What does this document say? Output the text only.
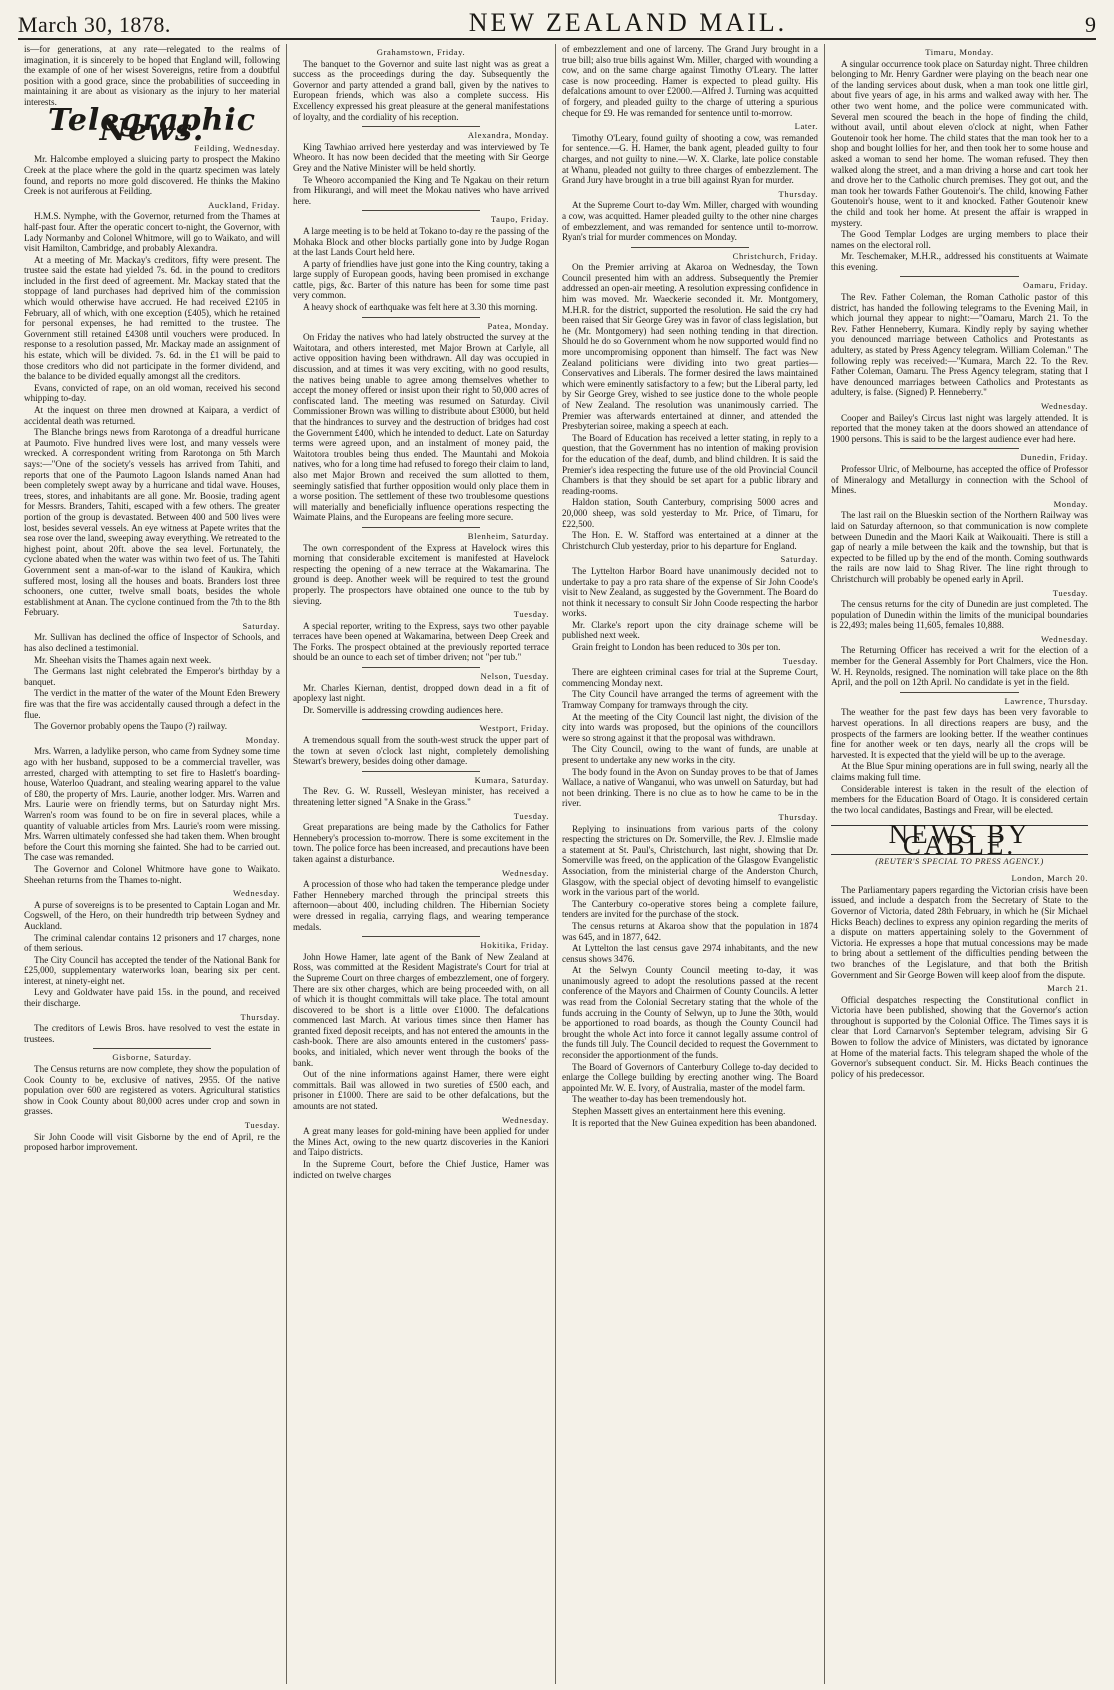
March 30, 1878.	NEW ZEALAND MAIL.	9

is—for generations, at any rate—relegated to the realms of imagination, it is sincerely to be hoped that England will, following the example of one of her wisest Sovereigns, retire from a doubtful position with a good grace, since the probabilities of succeeding in maintaining it are about as visionary as the injury to her material interests.

Telegraphic News.
Feilding, Wednesday.

Mr. Halcombe employed a sluicing party to prospect the Makino Creek at the place where the gold in the quartz specimen was lately found, and reports no more gold discovered. He thinks the Makino Creek is not auriferous at Feilding.

Auckland, Friday.

H.M.S. Nymphe, with the Governor, returned from the Thames at half-past four. After the operatic concert to-night, the Governor, with Lady Normanby and Colonel Whitmore, will go to Waikato, and will visit Hamilton, Cambridge, and probably Alexandra.

At a meeting of Mr. Mackay's creditors, fifty were present. The trustee said the estate had yielded 7s. 6d. in the pound to creditors included in the first deed of agreement. Mr. Mackay stated that the stoppage of land purchases had deprived him of the commission which would otherwise have accrued. He had received £2105 in February, all of which, with one exception (£405), which he retained for personal expenses, he had remitted to the trustee. The Government still retained £4308 until vouchers were produced. In response to a resolution passed, Mr. Mackay made an assignment of his estate, which will be divided. 7s. 6d. in the £1 will be paid to those creditors who did not participate in the former dividend, and the balance to be divided equally amongst all the creditors.

Evans, convicted of rape, on an old woman, received his second whipping to-day.

At the inquest on three men drowned at Kaipara, a verdict of accidental death was returned.

The Blanche brings news from Rarotonga of a dreadful hurricane at Paumoto. Five hundred lives were lost, and many vessels were wrecked. A correspondent writing from Rarotonga on 5th March says:—"One of the society's vessels has arrived from Tahiti, and reports that one of the Paumoto Lagoon Islands named Anan had been completely swept away by a hurricane and tidal wave. Houses, trees, stores, and inhabitants are all gone. Mr. Boosie, trading agent for Messrs. Branders, Tahiti, escaped with a few others. The greater portion of the group is devastated. Between 400 and 500 lives were lost, besides several vessels. An eye witness at Papete writes that the sea rose over the land, sweeping away everything. We retreated to the highest point, about 20ft. above the sea level. Fortunately, the cyclone abated when the water was within two feet of us. The Tahiti Government sent a man-of-war to the island of Kaukira, which suffered most, losing all the houses and boats. Branders lost three schooners, one cutter, twelve small boats, besides the whole establishment at Anan. The cyclone continued from the 7th to the 8th February.

Saturday.

Mr. Sullivan has declined the office of Inspector of Schools, and has also declined a testimonial.

Mr. Sheehan visits the Thames again next week.

The Germans last night celebrated the Emperor's birthday by a banquet.

The verdict in the matter of the water of the Mount Eden Brewery fire was that the fire was accidentally caused through a defect in the flue.

The Governor probably opens the Taupo (?) railway.

Monday.

Mrs. Warren, a ladylike person, who came from Sydney some time ago with her husband, supposed to be a commercial traveller, was arrested, charged with attempting to set fire to Haslett's boarding-house, Waterloo Quadrant, and stealing wearing apparel to the value of £80, the property of Mrs. Laurie, another lodger. Mrs. Warren and Mrs. Laurie were on friendly terms, but on Saturday night Mrs. Warren's room was found to be on fire in several places, while a quantity of valuable articles from Mrs. Laurie's room were missing. Mrs. Warren ultimately confessed she had taken them. When brought before the Court this morning she fainted. She had to be carried out. The case was remanded.

The Governor and Colonel Whitmore have gone to Waikato. Sheehan returns from the Thames to-night.

Wednesday.

A purse of sovereigns is to be presented to Captain Logan and Mr. Cogswell, of the Hero, on their hundredth trip between Sydney and Auckland.

The criminal calendar contains 12 prisoners and 17 charges, none of them serious.

The City Council has accepted the tender of the National Bank for £25,000, supplementary waterworks loan, bearing six per cent. interest, at ninety-eight net.

Levy and Goldwater have paid 15s. in the pound, and received their discharge.

Thursday.

The creditors of Lewis Bros. have resolved to vest the estate in trustees.

Gisborne, Saturday.

The Census returns are now complete, they show the population of Cook County to be, exclusive of natives, 2955. Of the native population over 600 are registered as voters. Agricultural statistics show in Cook County about 80,000 acres under crop and sown in grasses.

Tuesday.

Sir John Coode will visit Gisborne by the end of April, re the proposed harbor improvement.

Grahamstown, Friday.

The banquet to the Governor and suite last night was as great a success as the proceedings during the day. Subsequently the Governor and party attended a grand ball, given by the natives to European friends, which was also a complete success. His Excellency expressed his great pleasure at the general manifestations of loyalty, and the cordiality of his reception.

Alexandra, Monday.

King Tawhiao arrived here yesterday and was interviewed by Te Wheoro. It has now been decided that the meeting with Sir George Grey and the Native Minister will be held shortly.

Te Wheoro accompanied the King and Te Ngakau on their return from Hikurangi, and will meet the Mokau natives who have arrived here.

Taupo, Friday.

A large meeting is to be held at Tokano to-day re the passing of the Mohaka Block and other blocks partially gone into by Judge Rogan at the last Lands Court held here.

A party of friendlies have just gone into the King country, taking a large supply of European goods, having been promised in exchange cattle, pigs, &c. Barter of this nature has been for some time past very common.

A heavy shock of earthquake was felt here at 3.30 this morning.

Patea, Monday.

On Friday the natives who had lately obstructed the survey at the Waitotara, and others interested, met Major Brown at Carlyle, all active opposition having been withdrawn. All day was occupied in discussion, and at times it was very exciting, with no good results, the natives being unable to agree among themselves whether to accept the money offered or insist upon their right to 50,000 acres of confiscated land. The meeting was resumed on Saturday. Civil Commissioner Brown was willing to distribute about £3000, but held that the hindrances to survey and the destruction of bridges had cost the Government £400, which he intended to deduct. Late on Saturday terms were agreed upon, and an instalment of money paid, the Waitotora troubles being thus ended. The Mauntahi and Mokoia natives, who for a long time had refused to forego their claim to land, also met Major Brown and received the sum allotted to them, seemingly satisfied that further opposition would only place them in a worse position. The settlement of these two troublesome questions will materially and beneficially influence operations respecting the Waimate Plains, and the Europeans are feeling more secure.

Blenheim, Saturday.

The own correspondent of the Express at Havelock wires this morning that considerable excitement is manifested at Havelock respecting the opening of a new terrace at the Wakamarina. The ground is deep. Another week will be required to test the ground properly. The prospectors have obtained one ounce to the tub by sieving.

Tuesday.

A special reporter, writing to the Express, says two other payable terraces have been opened at Wakamarina, between Deep Creek and The Forks. The prospect obtained at the previously reported terrace should be an ounce to each set of timber driven; not "per tub."

Nelson, Tuesday.

Mr. Charles Kiernan, dentist, dropped down dead in a fit of apoplexy last night.

Dr. Somerville is addressing crowding audiences here.

Westport, Friday.

A tremendous squall from the south-west struck the upper part of the town at seven o'clock last night, completely demolishing Stewart's brewery, besides doing other damage.

Kumara, Saturday.

The Rev. G. W. Russell, Wesleyan minister, has received a threatening letter signed "A Snake in the Grass."

Tuesday.

Great preparations are being made by the Catholics for Father Hennebery's procession to-morrow. There is some excitement in the town. The police force has been increased, and precautions have been taken against a disturbance.

Wednesday.

A procession of those who had taken the temperance pledge under Father Hennebery marched through the principal streets this afternoon—about 400, including children. The Hibernian Society were dressed in regalia, carrying flags, and wearing temperance medals.

Hokitika, Friday.

John Howe Hamer, late agent of the Bank of New Zealand at Ross, was committed at the Resident Magistrate's Court for trial at the Supreme Court on three charges of embezzlement, one of forgery. There are six other charges, which are being proceeded with, on all of which it is thought committals will take place. The total amount discovered to be short is a little over £1000. The defalcations commenced last March. At various times since then Hamer has granted fixed deposit receipts, and has not entered the amounts in the cash-book. There are also amounts entered in the customers' pass-books, and initialed, which never went through the books of the bank.

Out of the nine informations against Hamer, there were eight committals. Bail was allowed in two sureties of £500 each, and prisoner in £1000. There are said to be other defalcations, but the amounts are not stated.

Wednesday.

A great many leases for gold-mining have been applied for under the Mines Act, owing to the new quartz discoveries in the Kaniori and Taipo districts.

In the Supreme Court, before the Chief Justice, Hamer was indicted on twelve charges

of embezzlement and one of larceny. The Grand Jury brought in a true bill; also true bills against Wm. Miller, charged with wounding a cow, and on the same charge against Timothy O'Leary. The latter case is now proceeding. Hamer is expected to plead guilty. His defalcations amount to over £2000.—Alfred J. Turning was acquitted of forgery, and pleaded guilty to the charge of uttering a spurious cheque for £9. He was remanded for sentence until to-morrow.

Later.

Timothy O'Leary, found guilty of shooting a cow, was remanded for sentence.—G. H. Hamer, the bank agent, pleaded guilty to four charges, and not guilty to nine.—W. X. Clarke, late police constable at Whanu, pleaded not guilty to three charges of embezzlement. The Grand Jury have brought in a true bill against Ryan for murder.

Thursday.

At the Supreme Court to-day Wm. Miller, charged with wounding a cow, was acquitted. Hamer pleaded guilty to the other nine charges of embezzlement, and was remanded for sentence until to-morrow. Ryan's trial for murder commences on Monday.

Christchurch, Friday.

On the Premier arriving at Akaroa on Wednesday, the Town Council presented him with an address. Subsequently the Premier addressed an open-air meeting. A resolution expressing confidence in him was moved. Mr. Waeckerie seconded it. Mr. Montgomery, M.H.R. for the district, supported the resolution. He said the cry had been raised that Sir George Grey was in favor of class legislation, but he (Mr. Montgomery) had seen nothing tending in that direction. Should he do so Government whom he now supported would find no more uncompromising opponent than himself. The fact was New Zealand politicians were dividing into two great parties—Conservatives and Liberals. The former desired the laws maintained which were eminently satisfactory to a few; but the Liberal party, led by Sir George Grey, wished to see justice done to the whole people of New Zealand. The resolution was unanimously carried. The Premier was afterwards entertained at dinner, and attended the Presbyterian soiree, making a speech at each.

The Board of Education has received a letter stating, in reply to a question, that the Government has no intention of making provision for the education of the deaf, dumb, and blind children. It is said the Premier's idea respecting the future use of the old Provincial Council Chambers is that they should be set apart for a public library and reading-rooms.

Haldon station, South Canterbury, comprising 5000 acres and 20,000 sheep, was sold yesterday to Mr. Price, of Timaru, for £22,500.

The Hon. E. W. Stafford was entertained at a dinner at the Christchurch Club yesterday, prior to his departure for England.

Saturday.

The Lyttelton Harbor Board have unanimously decided not to undertake to pay a pro rata share of the expense of Sir John Coode's visit to New Zealand, as suggested by the Government. The Board do not think it necessary to consult Sir John Coode respecting the harbor works.

Mr. Clarke's report upon the city drainage scheme will be published next week.

Grain freight to London has been reduced to 30s per ton.

Tuesday.

There are eighteen criminal cases for trial at the Supreme Court, commencing Monday next.

The City Council have arranged the terms of agreement with the Tramway Company for tramways through the city.

At the meeting of the City Council last night, the division of the city into wards was proposed, but the opinions of the councillors were so strong against it that the proposal was withdrawn.

The City Council, owing to the want of funds, are unable at present to undertake any new works in the city.

The body found in the Avon on Sunday proves to be that of James Wallace, a native of Wanganui, who was unwell on Saturday, but had not been drinking. There is no clue as to how he came to be in the river.

Thursday.

Replying to insinuations from various parts of the colony respecting the strictures on Dr. Somerville, the Rev. J. Elmslie made a statement at St. Paul's, Christchurch, last night, showing that Dr. Somerville was freed, on the application of the Glasgow Evangelistic Association, from the ministerial charge of the Anderston Church, Glasgow, with the special object of devoting himself to evangelistic work in the various part of the world.

The Canterbury co-operative stores being a complete failure, tenders are invited for the purchase of the stock.

The census returns at Akaroa show that the population in 1874 was 645, and in 1877, 642.

At Lyttelton the last census gave 2974 inhabitants, and the new census shows 3476.

At the Selwyn County Council meeting to-day, it was unanimously agreed to adopt the resolutions passed at the recent conference of the Mayors and Chairmen of County Councils. A letter was read from the Colonial Secretary stating that the whole of the funds accruing in the County of Selwyn, up to June the 30th, would be apportioned to road boards, as though the County Council had brought the whole Act into force it cannot legally assume control of the funds till July. The Council decided to request the Government to reconsider the apportionment of the funds.

The Board of Governors of Canterbury College to-day decided to enlarge the College building by erecting another wing. The Board appointed Mr. W. E. Ivory, of Australia, master of the model farm.

The weather to-day has been tremendously hot.

Stephen Massett gives an entertainment here this evening.

It is reported that the New Guinea expedition has been abandoned.

Timaru, Monday.

A singular occurrence took place on Saturday night. Three children belonging to Mr. Henry Gardner were playing on the beach near one of the landing services about dusk, when a man took one little girl, about five years of age, in his arms and walked away with her. The other two went home, and the police were communicated with. Several men scoured the beach in the hope of finding the child, without avail, until about eleven o'clock at night, when Father Goutenoir took her home. The child states that the man took her to a shop and bought lollies for her, and then took her to some house and asked a woman to send her home. The woman refused. They then walked along the street, and a man driving a horse and cart took her and drove her to the Catholic church premises. They got out, and the man took her towards Father Goutenoir's. The child, knowing Father Goutenoir's house, went to it and knocked. Father Goutenoir knew the child and took her home. At present the affair is wrapped in mystery.

The Good Templar Lodges are urging members to place their names on the electoral roll.

Mr. Teschemaker, M.H.R., addressed his constituents at Waimate this evening.

Oamaru, Friday.

The Rev. Father Coleman, the Roman Catholic pastor of this district, has handed the following telegrams to the Evening Mail, in which journal they appear to night:—"Oamaru, March 21. To the Rev. Father Henneberry, Kumara. Kindly reply by saying whether you denounced marriage between Catholics and Protestants as adultery, as stated by Press Agency telegram. William Coleman." The following reply was received:—"Kumara, March 22. To the Rev. Father Coleman, Oamaru. The Press Agency telegram, stating that I have denounced marriages between Catholics and Protestants as adultery, is false. (Signed) P. Henneberry."

Wednesday.

Cooper and Bailey's Circus last night was largely attended. It is reported that the money taken at the doors showed an attendance of 1900 persons. This is said to be the largest audience ever had here.

Dunedin, Friday.

Professor Ulric, of Melbourne, has accepted the office of Professor of Mineralogy and Metallurgy in connection with the School of Mines.

Monday.

The last rail on the Blueskin section of the Northern Railway was laid on Saturday afternoon, so that communication is now complete between Dunedin and the Maori Kaik at Waikouaiti. There is still a gap of nearly a mile between the kaik and the township, but that is expected to be filled up by the end of the month. Coming southwards the rails are now laid to Shag River. The line right through to Christchurch will probably be opened early in April.

Tuesday.

The census returns for the city of Dunedin are just completed. The population of Dunedin within the limits of the municipal boundaries is 22,493; males being 11,605, females 10,888.

Wednesday.

The Returning Officer has received a writ for the election of a member for the General Assembly for Port Chalmers, vice the Hon. W. H. Reynolds, resigned. The nomination will take place on the 8th April, and the poll on 12th April. No candidate is yet in the field.

Lawrence, Thursday.

The weather for the past few days has been very favorable to harvest operations. In all directions reapers are busy, and the prospects of the farmers are looking better. If the weather continues fine for another week or ten days, nearly all the crops will be harvested. It is expected that the yield will be up to the average.

At the Blue Spur mining operations are in full swing, nearly all the claims making full time.

Considerable interest is taken in the result of the election of members for the Education Board of Otago. It is considered certain the two local candidates, Bastings and Frear, will be elected.

NEWS BY CABLE.
(REUTER'S SPECIAL TO PRESS AGENCY.)
London, March 20.

The Parliamentary papers regarding the Victorian crisis have been issued, and include a despatch from the Secretary of State to the Governor of Victoria, dated 28th February, in which he (Sir Michael Hicks Beach) declines to express any opinion regarding the merits of a dispute on matters appertaining solely to the Government of Victoria. He expresses a hope that mutual concessions may be made to bring about a settlement of the difficulties pending between the two branches of the Legislature, and that both the British Government and Sir George Bowen will keep aloof from the dispute.

March 21.

Official despatches respecting the Constitutional conflict in Victoria have been published, showing that the Governor's action throughout is supported by the Colonial Office. The Times says it is clear that Lord Carnarvon's September telegram, advising Sir G Bowen to follow the advice of Ministers, was dictated by ignorance at Home of the material facts. This telegram shaped the whole of the Governor's subsequent conduct. Sir. M. Hicks Beach continues the policy of his predecessor.
